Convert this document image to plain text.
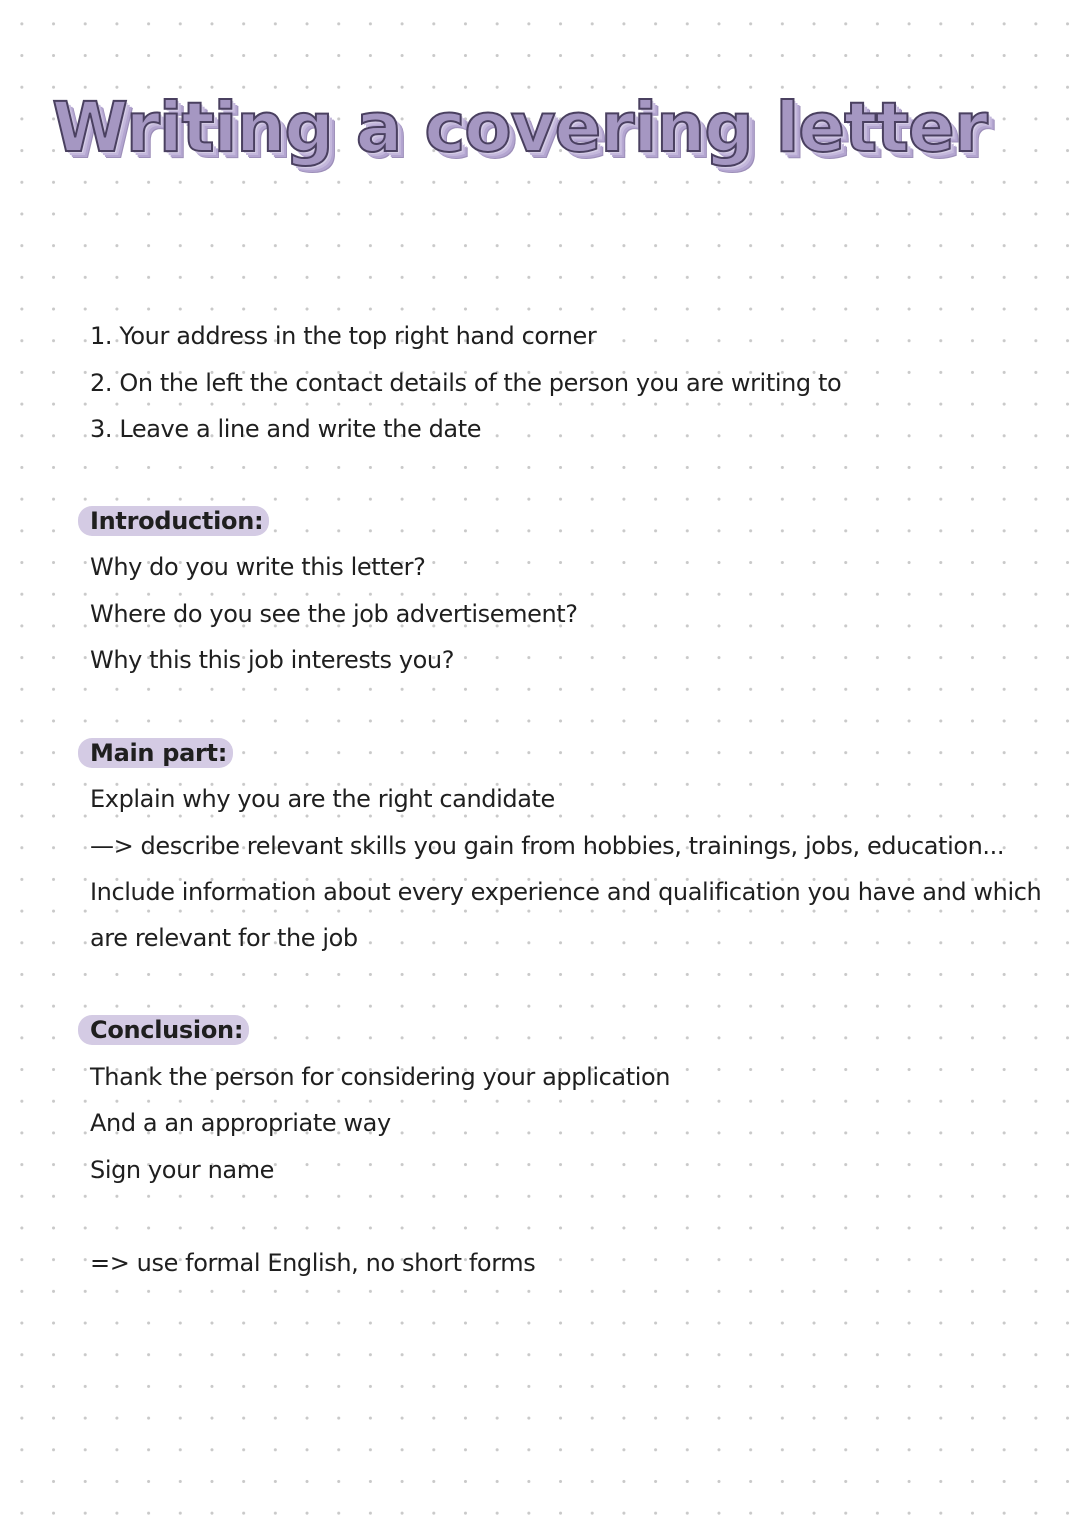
Writing a covering letter
1. Your address in the top right hand corner
2. On the left the contact details of the person you are writing to
3. Leave a line and write the date
Introduction:
Why do you write this letter?
Where do you see the job advertisement?
Why this this job interests you?
Main part:
Explain why you are the right candidate
—> describe relevant skills you gain from hobbies, trainings, jobs, education...
Include information about every experience and qualification you have and which
are relevant for the job
Conclusion:
Thank the person for considering your application
And a an appropriate way
Sign your name
=> use formal English, no short forms
